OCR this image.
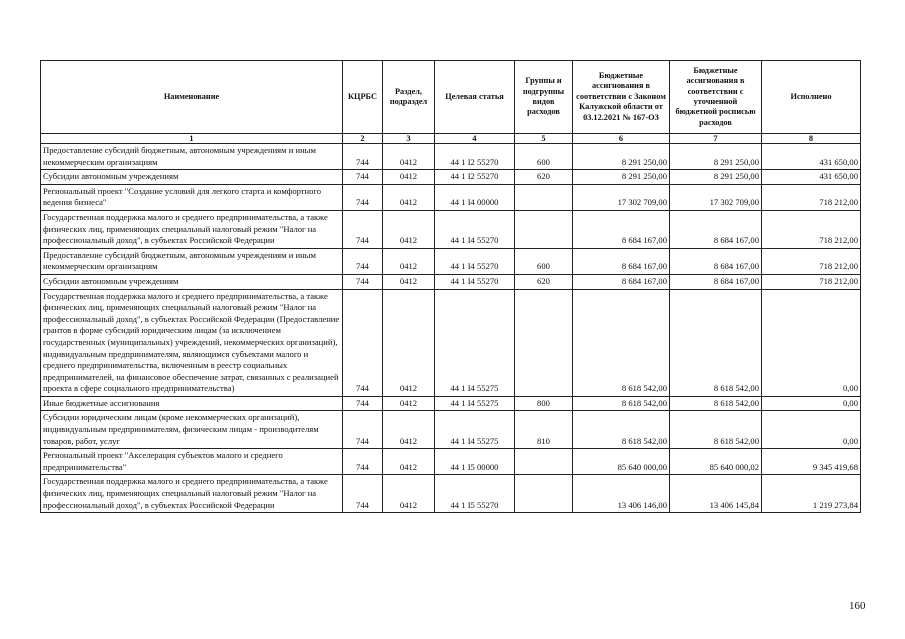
Наименование	КЦРБС	Раздел, подраздел	Целевая статья	Группы и подгруппы видов расходов	Бюджетные ассигнования в соответствии с Законом Калужской области от 03.12.2021 № 167-ОЗ	Бюджетные ассигнования в соответствии с уточненной бюджетной росписью расходов	Исполнено
1	2	3	4	5	6	7	8
Предоставление субсидий бюджетным, автономным учреждениям и иным некоммерческим организациям	744	0412	44 1 I2 55270	600	8 291 250,00	8 291 250,00	431 650,00
Субсидии автономным учреждениям	744	0412	44 1 I2 55270	620	8 291 250,00	8 291 250,00	431 650,00
Региональный проект "Создание условий для легкого старта и комфортного ведения бизнеса"	744	0412	44 1 I4 00000		17 302 709,00	17 302 709,00	718 212,00
Государственная поддержка малого и среднего предпринимательства, а также физических лиц, применяющих специальный налоговый режим "Налог на профессиональный доход", в субъектах Российской Федерации	744	0412	44 1 I4 55270		8 684 167,00	8 684 167,00	718 212,00
Предоставление субсидий бюджетным, автономным учреждениям и иным некоммерческим организациям	744	0412	44 1 I4 55270	600	8 684 167,00	8 684 167,00	718 212,00
Субсидии автономным учреждениям	744	0412	44 1 I4 55270	620	8 684 167,00	8 684 167,00	718 212,00
Государственная поддержка малого и среднего предпринимательства, а также физических лиц, применяющих специальный налоговый режим "Налог на профессиональный доход", в субъектах Российской Федерации (Предоставление грантов в форме субсидий юридическим лицам (за исключением государственных (муниципальных) учреждений, некоммерческих организаций), индивидуальным предпринимателям, являющимся субъектами малого и среднего предпринимательства, включенным в реестр социальных предпринимателей, на финансовое обеспечение затрат, связанных с реализацией проекта в сфере социального предпринимательства)	744	0412	44 1 I4 55275		8 618 542,00	8 618 542,00	0,00
Иные бюджетные ассигнования	744	0412	44 1 I4 55275	800	8 618 542,00	8 618 542,00	0,00
Субсидии юридическим лицам (кроме некоммерческих организаций), индивидуальным предпринимателям, физическим лицам - производителям товаров, работ, услуг	744	0412	44 1 I4 55275	810	8 618 542,00	8 618 542,00	0,00
Региональный проект "Акселерация субъектов малого и среднего предпринимательства"	744	0412	44 1 I5 00000		85 640 000,00	85 640 000,02	9 345 419,68
Государственная поддержка малого и среднего предпринимательства, а также физических лиц, применяющих специальный налоговый режим "Налог на профессиональный доход", в субъектах Российской Федерации	744	0412	44 1 I5 55270		13 406 146,00	13 406 145,84	1 219 273,84
160
